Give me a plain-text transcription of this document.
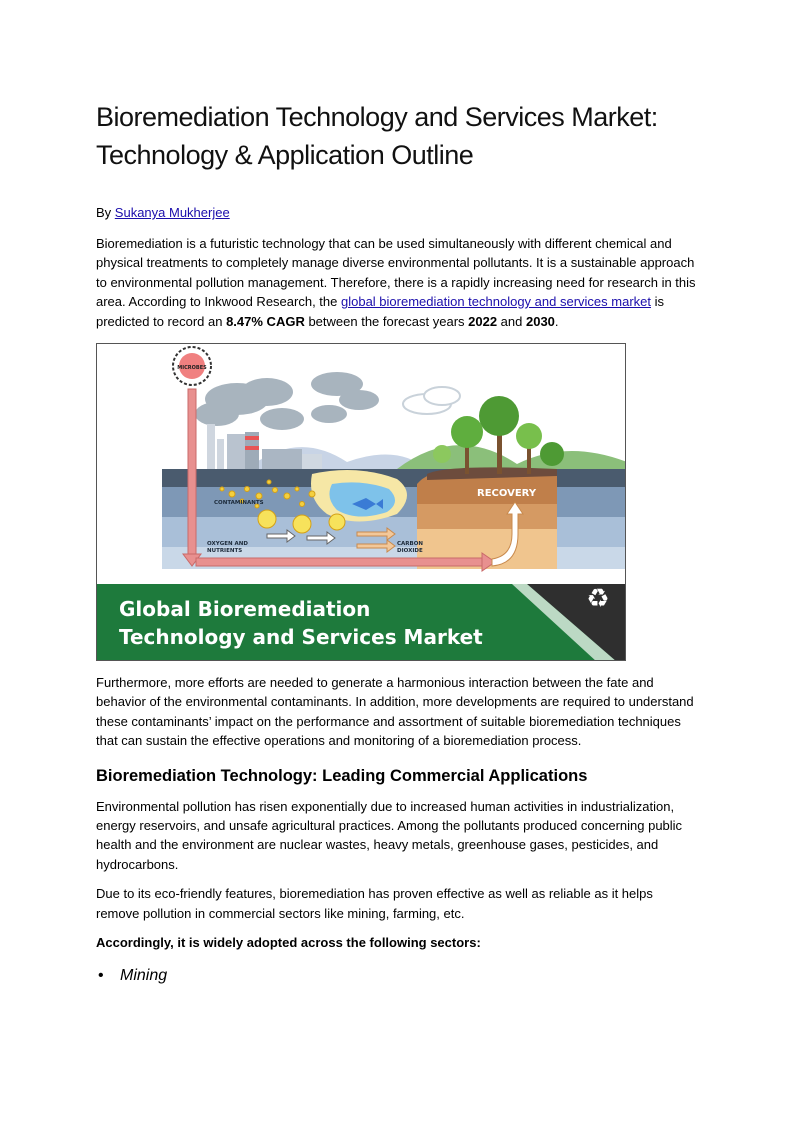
Bioremediation Technology and Services Market:
Technology & Application Outline
By Sukanya Mukherjee

Bioremediation is a futuristic technology that can be used simultaneously with different chemical and physical treatments to completely manage diverse environmental pollutants. It is a sustainable approach to environmental pollution management. Therefore, there is a rapidly increasing need for research in this area. According to Inkwood Research, the global bioremediation technology and services market is predicted to record an 8.47% CAGR between the forecast years 2022 and 2030.

MICROBES
CONTAMINANTS
OXYGEN AND
NUTRIENTS
CARBON
DIOXIDE
RECOVERY
Global Bioremediation
Technology and Services Market
♻

Furthermore, more efforts are needed to generate a harmonious interaction between the fate and behavior of the environmental contaminants. In addition, more developments are required to understand these contaminants’ impact on the performance and assortment of suitable bioremediation techniques that can sustain the effective operations and monitoring of a bioremediation process.

Bioremediation Technology: Leading Commercial Applications

Environmental pollution has risen exponentially due to increased human activities in industrialization, energy reservoirs, and unsafe agricultural practices. Among the pollutants produced concerning public health and the environment are nuclear wastes, heavy metals, greenhouse gases, pesticides, and hydrocarbons.

Due to its eco-friendly features, bioremediation has proven effective as well as reliable as it helps remove pollution in commercial sectors like mining, farming, etc.

Accordingly, it is widely adopted across the following sectors:

• Mining
